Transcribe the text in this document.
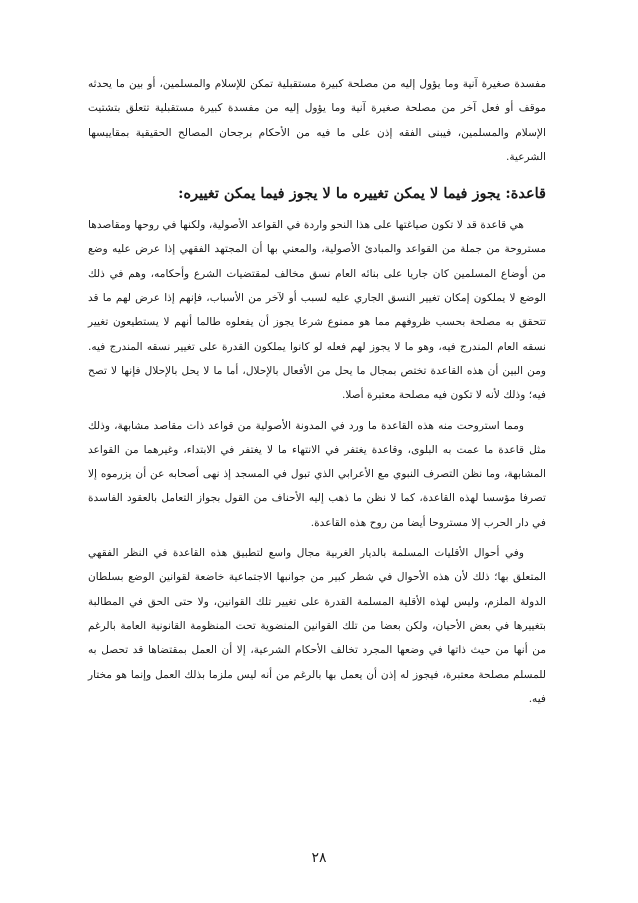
مفسدة صغيرة آنية وما يؤول إليه من مصلحة كبيرة مستقبلية تمكن للإسلام والمسلمين، أو بين ما يحدثه موقف أو فعل آخر من مصلحة صغيرة آنية وما يؤول إليه من مفسدة كبيرة مستقبلية تتعلق بتشتيت الإسلام والمسلمين، فيبنى الفقه إذن على ما فيه من الأحكام برجحان المصالح الحقيقية بمقاييسها الشرعية.

قاعدة: يجوز فيما لا يمكن تغييره ما لا يجوز فيما يمكن تغييره:

هي قاعدة قد لا تكون صياغتها على هذا النحو واردة في القواعد الأصولية، ولكنها في روحها ومقاصدها مستروحة من جملة من القواعد والمبادئ الأصولية، والمعني بها أن المجتهد الفقهي إذا عرض عليه وضع من أوضاع المسلمين كان جاريا على بنائه العام نسق مخالف لمقتضيات الشرع وأحكامه، وهم في ذلك الوضع لا يملكون إمكان تغيير النسق الجاري عليه لسبب أو لآخر من الأسباب، فإنهم إذا عرض لهم ما قد تتحقق به مصلحة بحسب ظروفهم مما هو ممنوع شرعا يجوز أن يفعلوه طالما أنهم لا يستطيعون تغيير نسقه العام المندرج فيه، وهو ما لا يجوز لهم فعله لو كانوا يملكون القدرة على تغيير نسقه المندرج فيه. ومن البين أن هذه القاعدة تختص بمجال ما يحل من الأفعال بالإحلال، أما ما لا يحل بالإحلال فإنها لا تصح فيه؛ وذلك لأنه لا تكون فيه مصلحة معتبرة أصلا.

ومما استروحت منه هذه القاعدة ما ورد في المدونة الأصولية من قواعد ذات مقاصد مشابهة، وذلك مثل قاعدة ما عمت به البلوى، وقاعدة يغتفر في الانتهاء ما لا يغتفر في الابتداء، وغيرهما من القواعد المشابهة، وما نظن التصرف النبوي مع الأعرابي الذي تبول في المسجد إذ نهى أصحابه عن أن يزرموه إلا تصرفا مؤسسا لهذه القاعدة، كما لا نظن ما ذهب إليه الأحناف من القول بجواز التعامل بالعقود الفاسدة في دار الحرب إلا مستروحا أيضا من روح هذه القاعدة.

وفي أحوال الأقليات المسلمة بالديار الغربية مجال واسع لتطبيق هذه القاعدة في النظر الفقهي المتعلق بها؛ ذلك لأن هذه الأحوال في شطر كبير من جوانبها الاجتماعية خاضعة لقوانين الوضع بسلطان الدولة الملزم، وليس لهذه الأقلية المسلمة القدرة على تغيير تلك القوانين، ولا حتى الحق في المطالبة بتغييرها في بعض الأحيان، ولكن بعضا من تلك القوانين المنضوية تحت المنظومة القانونية العامة بالرغم من أنها من حيث ذاتها في وضعها المجرد تخالف الأحكام الشرعية، إلا أن العمل بمقتضاها قد تحصل به للمسلم مصلحة معتبرة، فيجوز له إذن أن يعمل بها بالرغم من أنه ليس ملزما بذلك العمل وإنما هو مختار فيه.

٢٨
